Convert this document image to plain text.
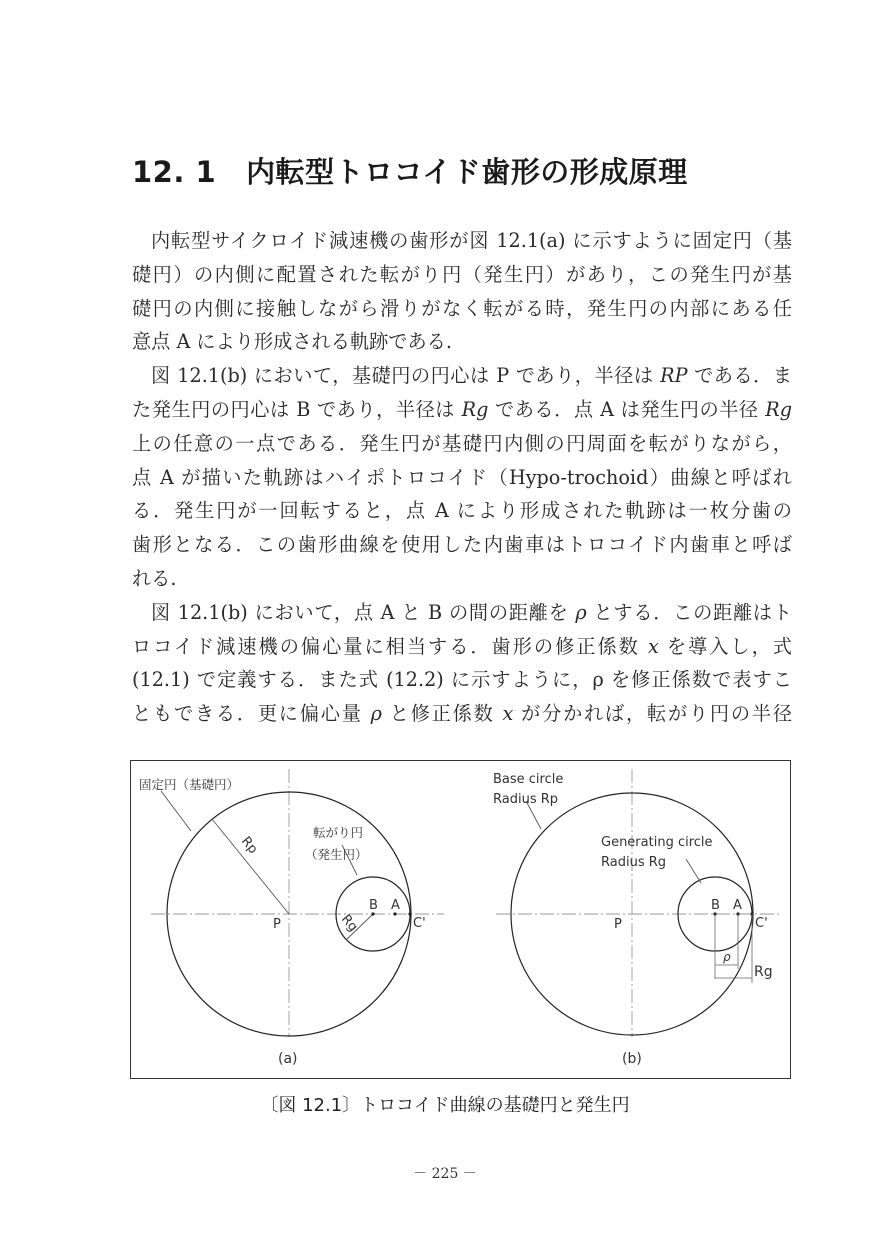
12. 1 内転型トロコイド歯形の形成原理
内転型サイクロイド減速機の歯形が図 12.1(a) に示すように固定円（基
礎円）の内側に配置された転がり円（発生円）があり，この発生円が基
礎円の内側に接触しながら滑りがなく転がる時，発生円の内部にある任
意点 A により形成される軌跡である.
図 12.1(b) において，基礎円の円心は P であり，半径は RP である．ま
た発生円の円心は B であり，半径は Rg である．点 A は発生円の半径 Rg
上の任意の一点である．発生円が基礎円内側の円周面を転がりながら，
点 A が描いた軌跡はハイポトロコイド（Hypo-trochoid）曲線と呼ばれ
る．発生円が一回転すると，点 A により形成された軌跡は一枚分歯の
歯形となる．この歯形曲線を使用した内歯車はトロコイド内歯車と呼ば
れる.
図 12.1(b) において，点 A と B の間の距離を ρ とする．この距離はト
ロコイド減速機の偏心量に相当する．歯形の修正係数 x を導入し，式
(12.1) で定義する．また式 (12.2) に示すように，ρ を修正係数で表すこ
ともできる．更に偏心量 ρ と修正係数 x が分かれば，転がり円の半径
固定円（基礎円）
転がり円
（発生円）
Rp
Rg
P
B A
C'
(a)
Base circle
Radius Rp
Generating circle
Radius Rg
P
B A
C'
ρ
Rg
(b)
〔図 12.1〕トロコイド曲線の基礎円と発生円
－ 225 －
